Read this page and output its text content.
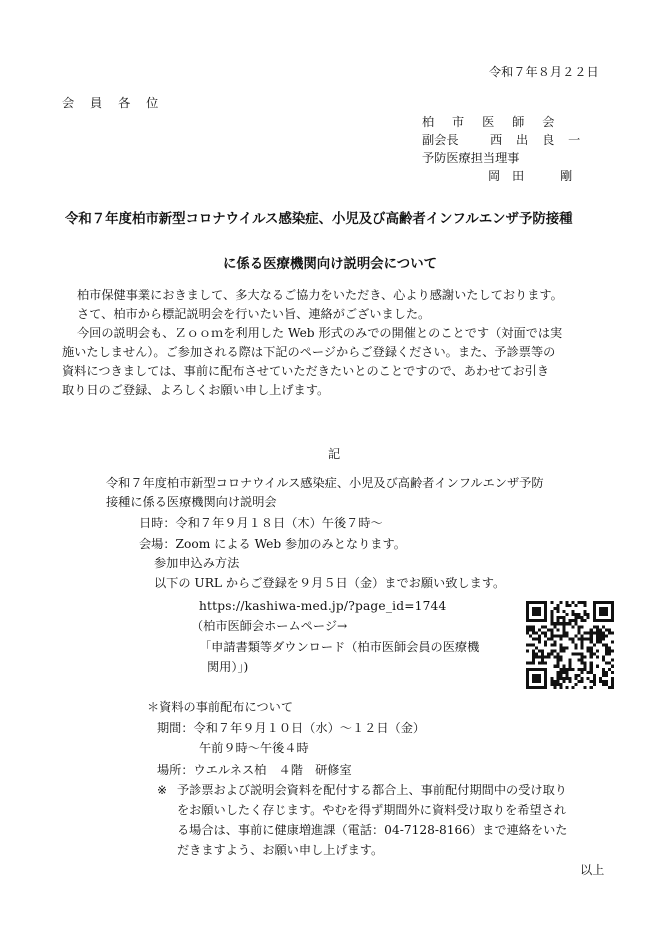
令和７年８月２２日
会 員 各 位
柏 市 医 師 会
副会長	西 出 良 一
予防医療担当理事
岡 田 　 剛
令和７年度柏市新型コロナウイルス感染症、小児及び高齢者インフルエンザ予防接種
に係る医療機関向け説明会について
柏市保健事業におきまして、多大なるご協力をいただき、心より感謝いたしております。
さて、柏市から標記説明会を行いたい旨、連絡がございました。
今回の説明会も、Ｚｏｏｍを利用した Web 形式のみでの開催とのことです（対面では実
施いたしません）。ご参加される際は下記のページからご登録ください。また、予診票等の
資料につきましては、事前に配布させていただきたいとのことですので、あわせてお引き
取り日のご登録、よろしくお願い申し上げます。
記
令和７年度柏市新型コロナウイルス感染症、小児及び高齢者インフルエンザ予防
接種に係る医療機関向け説明会
日時：令和７年９月１８日（木）午後７時～
会場：Zoom による Web 参加のみとなります。
参加申込み方法
以下の URL からご登録を９月５日（金）までお願い致します。
https://kashiwa-med.jp/?page_id=1744
（柏市医師会ホームページ→
「申請書類等ダウンロード（柏市医師会員の医療機
関用）」)
＊資料の事前配布について
期間：令和７年９月１０日（水）～１２日（金）
午前９時～午後４時
場所：ウエルネス柏　４階　研修室
※ 予診票および説明会資料を配付する都合上、事前配付期間中の受け取り
をお願いしたく存じます。やむを得ず期間外に資料受け取りを希望され
る場合は、事前に健康増進課（電話：04-7128-8166）まで連絡をいた
だきますよう、お願い申し上げます。
以上
